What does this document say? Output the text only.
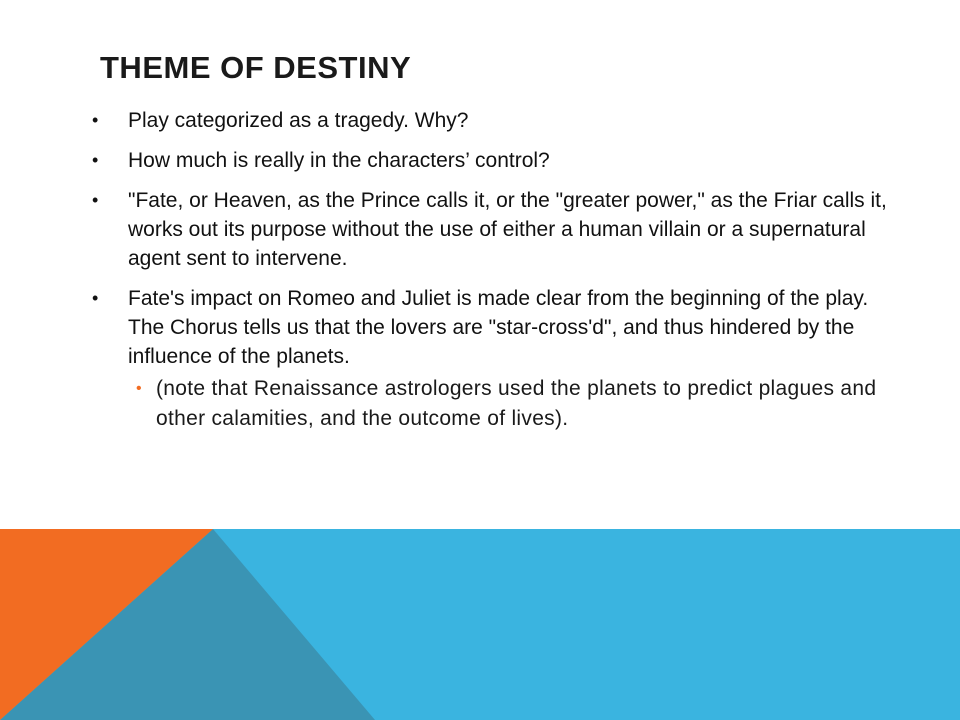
THEME OF DESTINY
• Play categorized as a tragedy. Why?
• How much is really in the characters’ control?
• "Fate, or Heaven, as the Prince calls it, or the "greater power," as the Friar calls it, works out its purpose without the use of either a human villain or a supernatural agent sent to intervene.
• Fate's impact on Romeo and Juliet is made clear from the beginning of the play. The Chorus tells us that the lovers are "star-cross'd", and thus hindered by the influence of the planets.
• (note that Renaissance astrologers used the planets to predict plagues and other calamities, and the outcome of lives).
